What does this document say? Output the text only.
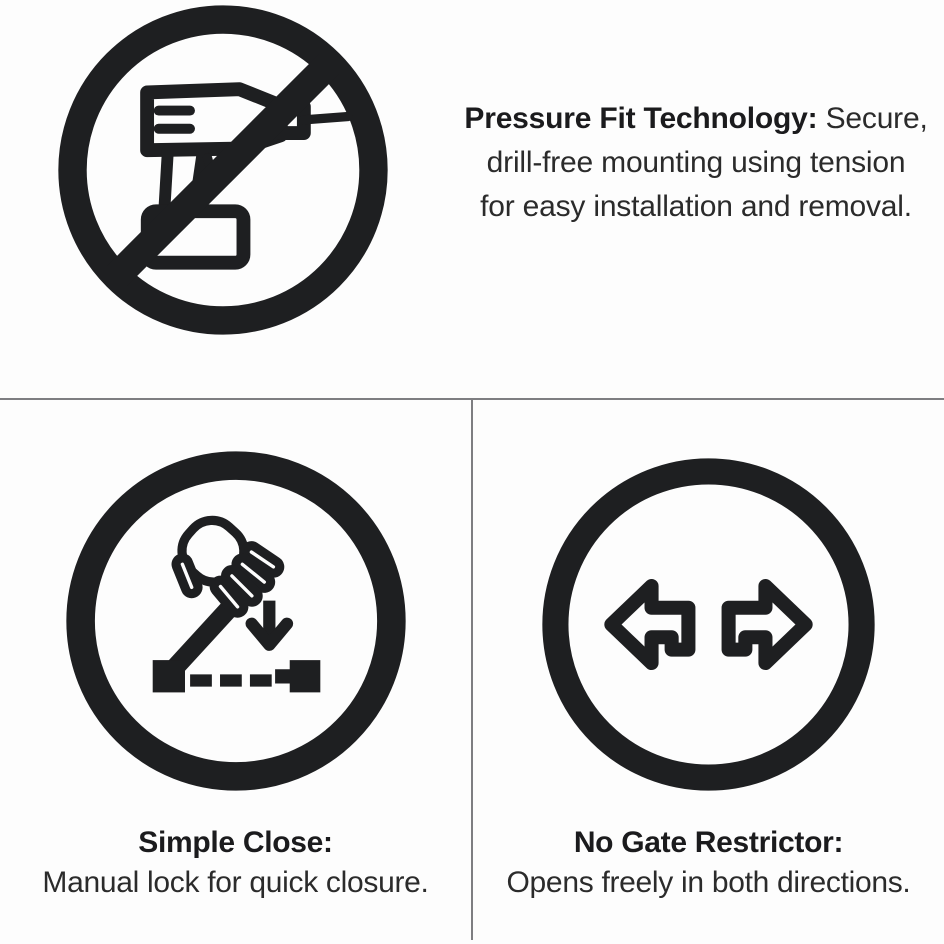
Pressure Fit Technology: Secure,

drill-free mounting using tension

for easy installation and removal.

Simple Close:

Manual lock for quick closure.

No Gate Restrictor:

Opens freely in both directions.
